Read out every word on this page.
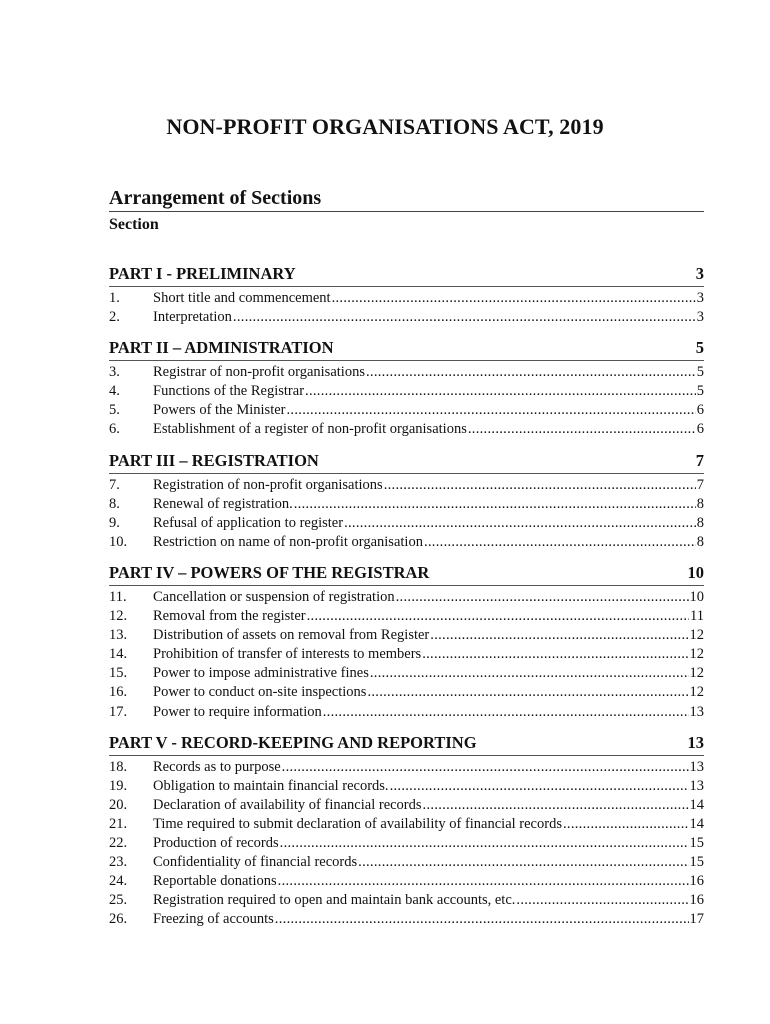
NON-PROFIT ORGANISATIONS ACT, 2019
Arrangement of Sections
Section
PART I - PRELIMINARY	3
1.	Short title and commencement .....	3
2.	Interpretation .....	3
PART II – ADMINISTRATION	5
3.	Registrar of non-profit organisations .....	5
4.	Functions of the Registrar .....	5
5.	Powers of the Minister .....	6
6.	Establishment of a register of non-profit organisations .....	6
PART III – REGISTRATION	7
7.	Registration of non-profit organisations .....	7
8.	Renewal of registration. .....	8
9.	Refusal of application to register .....	8
10.	Restriction on name of non-profit organisation .....	8
PART IV – POWERS OF THE REGISTRAR	10
11.	Cancellation or suspension of registration .....	10
12.	Removal from the register .....	11
13.	Distribution of assets on removal from Register .....	12
14.	Prohibition of transfer of interests to members .....	12
15.	Power to impose administrative fines .....	12
16.	Power to conduct on-site inspections .....	12
17.	Power to require information .....	13
PART V - RECORD-KEEPING AND REPORTING	13
18.	Records as to purpose .....	13
19.	Obligation to maintain financial records. .....	13
20.	Declaration of availability of financial records .....	14
21.	Time required to submit declaration of availability of financial records .....	14
22.	Production of records .....	15
23.	Confidentiality of financial records .....	15
24.	Reportable donations .....	16
25.	Registration required to open and maintain bank accounts, etc. .....	16
26.	Freezing of accounts .....	17
